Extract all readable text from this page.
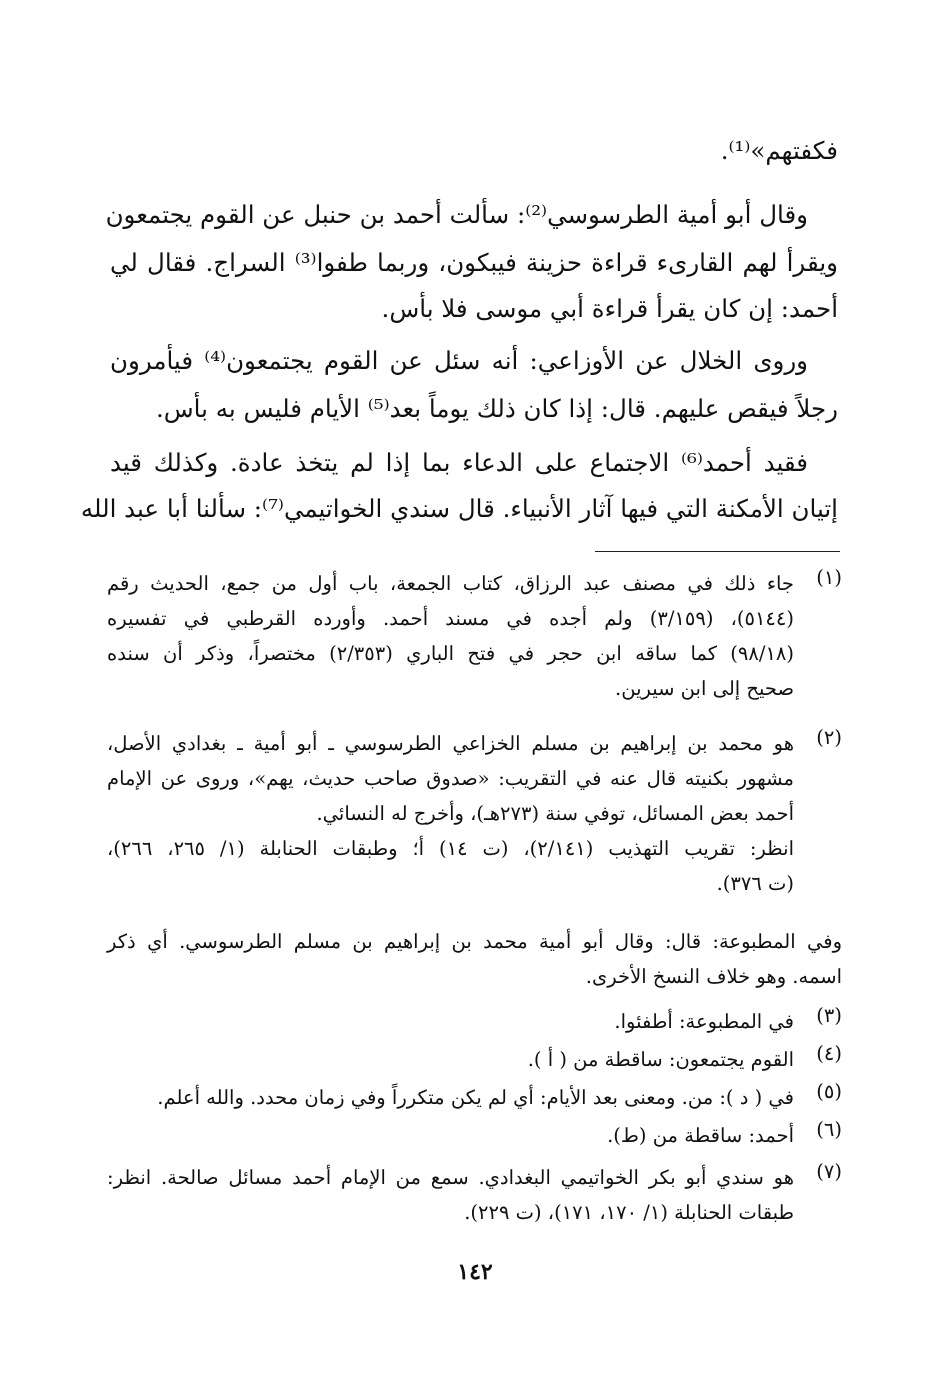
فكفتهم»⁽¹⁾.
وقال أبو أمية الطرسوسي⁽²⁾: سألت أحمد بن حنبل عن القوم يجتمعون
ويقرأ لهم القارىء قراءة حزينة فيبكون، وربما طفوا⁽³⁾ السراج. فقال لي
أحمد: إن كان يقرأ قراءة أبي موسى فلا بأس.
وروى الخلال عن الأوزاعي: أنه سئل عن القوم يجتمعون⁽⁴⁾ فيأمرون
رجلاً فيقص عليهم. قال: إذا كان ذلك يوماً بعد⁽⁵⁾ الأيام فليس به بأس.
فقيد أحمد⁽⁶⁾ الاجتماع على الدعاء بما إذا لم يتخذ عادة. وكذلك قيد
إتيان الأمكنة التي فيها آثار الأنبياء. قال سندي الخواتيمي⁽⁷⁾: سألنا أبا عبد الله
(١)
جاء ذلك في مصنف عبد الرزاق، كتاب الجمعة، باب أول من جمع، الحديث رقم
(٥١٤٤)، (٣/١٥٩) ولم أجده في مسند أحمد. وأورده القرطبي في تفسيره
(٩٨/١٨) كما ساقه ابن حجر في فتح الباري (٢/٣٥٣) مختصراً، وذكر أن سنده
صحيح إلى ابن سيرين.
(٢)
هو محمد بن إبراهيم بن مسلم الخزاعي الطرسوسي ـ أبو أمية ـ بغدادي الأصل،
مشهور بكنيته قال عنه في التقريب: «صدوق صاحب حديث، يهم»، وروى عن الإمام
أحمد بعض المسائل، توفي سنة (٢٧٣هـ)، وأخرج له النسائي.
انظر: تقريب التهذيب (٢/١٤١)، (ت ١٤) أ؛ وطبقات الحنابلة (١/ ٢٦٥، ٢٦٦)،
(ت ٣٧٦).
وفي المطبوعة: قال: وقال أبو أمية محمد بن إبراهيم بن مسلم الطرسوسي. أي ذكر
اسمه. وهو خلاف النسخ الأخرى.
(٣)
في المطبوعة: أطفئوا.
(٤)
القوم يجتمعون: ساقطة من ( أ ).
(٥)
في ( د ): من. ومعنى بعد الأيام: أي لم يكن متكرراً وفي زمان محدد. والله أعلم.
(٦)
أحمد: ساقطة من (ط).
(٧)
هو سندي أبو بكر الخواتيمي البغدادي. سمع من الإمام أحمد مسائل صالحة. انظر:
طبقات الحنابلة (١/ ١٧٠، ١٧١)، (ت ٢٢٩).
١٤٢
